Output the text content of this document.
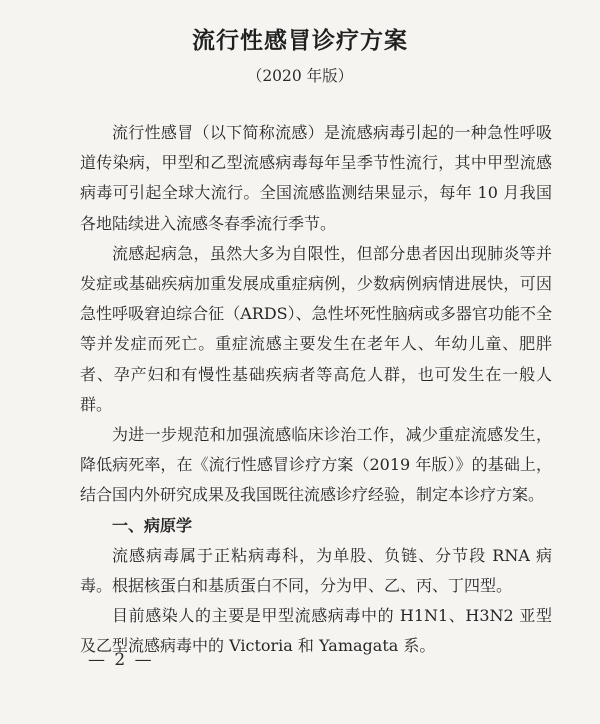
流行性感冒诊疗方案
（2020 年版）

流行性感冒（以下简称流感）是流感病毒引起的一种急性呼吸道传染病，甲型和乙型流感病毒每年呈季节性流行，其中甲型流感病毒可引起全球大流行。全国流感监测结果显示，每年 10 月我国各地陆续进入流感冬春季流行季节。

流感起病急，虽然大多为自限性，但部分患者因出现肺炎等并发症或基础疾病加重发展成重症病例，少数病例病情进展快，可因急性呼吸窘迫综合征（ARDS）、急性坏死性脑病或多器官功能不全等并发症而死亡。重症流感主要发生在老年人、年幼儿童、肥胖者、孕产妇和有慢性基础疾病者等高危人群，也可发生在一般人群。

为进一步规范和加强流感临床诊治工作，减少重症流感发生，降低病死率，在《流行性感冒诊疗方案（2019 年版）》的基础上，结合国内外研究成果及我国既往流感诊疗经验，制定本诊疗方案。

一、病原学

流感病毒属于正粘病毒科，为单股、负链、分节段 RNA 病毒。根据核蛋白和基质蛋白不同，分为甲、乙、丙、丁四型。

目前感染人的主要是甲型流感病毒中的 H1N1、H3N2 亚型及乙型流感病毒中的 Victoria 和 Yamagata 系。

— 2 —
